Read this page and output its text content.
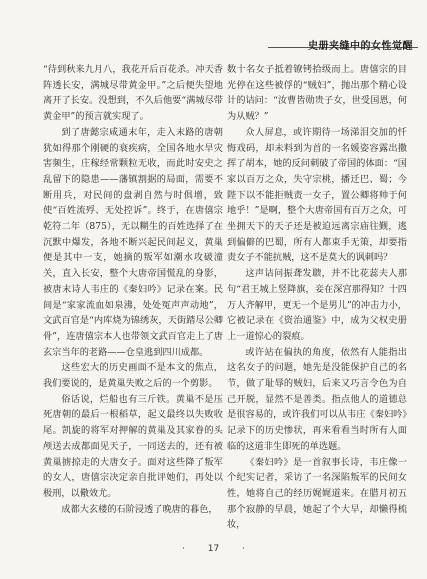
史册夹缝中的女性觉醒

“待到秋来九月八，我花开后百花杀。冲天香阵透长安，满城尽带黄金甲。”之后便失望地离开了长安。没想到，不久后他要“满城尽带黄金甲”的预言就实现了。

到了唐懿宗咸通末年，走入末路的唐朝犹如得那个刚硬的衰疾病，全国各地水旱灾害频生，庄稼经常颗粒无收，而此时安史之乱留下的隐患——藩镇割据的局面，需要不断用兵，对民间的盘剥自然与时俱增，致使“百姓流殍、无处控诉”。终于，在唐僖宗乾符二年（875），无以糊生的百姓选择了在沉默中爆发，各地不断兴起民间起义，黄巢便是其中一支，她摘的叛军如潮水攻破潼关，直入长安，整个大唐帝国慌乱的身影，被唐末诗人韦庄的《秦妇吟》记录在案。民间是“家家流血如泉沸，处处冤声声动地”，文武百官是“内库烧为锦绣灰，天街踏尽公卿骨”，连唐僖宗本人也带领文武百官走上了唐玄宗当年的老路——仓皇逃到四川成都。

这些宏大的历史画面不是本文的焦点，我们要说的，是黄巢失败之后的一个剪影。

俗话说，烂船也有三斤铁。黄巢不是压死唐朝的最后一根稻草，起义最终以失败收尾。凯旋的将军对押解的黄巢及其家眷的头颅送去成都面见天子，一同送去的，还有被黄巢掳掠走的大唐女子。面对这些降了叛军的女人，唐僖宗决定亲自批评她们，再处以极刑，以儆效尤。

成都大玄楼的石阶浸透了晚唐的暮色，

数十名女子抵着镣铐拾级而上。唐僖宗的目光停在这些被俘的“贼妇”，抛出那个精心设计的诘问：“汝曹皆勋贵子女，世受国恩，何为从贼？”

众人屏息，或许期待一场涕泪交加的忏悔戏码，却未料到为首的一名媛姿容露出撒挥了胡本，她的反问刺破了帝国的体面：“国家以百万之众，失守宗桃，播迁巴、蜀；今陛下以不能拒贼责一女子，置公卿将帅于何地乎！”是啊，整个大唐帝国有百万之众，可坐拥天下的天子还是被迫远离宗庙往觐，逃到偏僻的巴蜀，所有人都束手无策，却要指责女子不能抗贼，这不是莫大的讽刺吗？

这声诘问振聋发聩，并不比花蕊夫人那句“君王城上竖降旗，妾在深宫那得知？十四万人齐解甲，更无一个是男儿”的冲击力小，它被记录在《资治通鉴》中，成为父权史册上一道惊心的裂痕。

或许站在偏执的角度，依然有人能指出这名女子的问题，她先是没能保护自己的名节，做了耻辱的贼妇，后来又巧言令色为自己开脱，显然不是善类。指点他人的道德总是很容易的，或许我们可以从韦庄《秦妇吟》记录下的历史惨状，再来看看当时所有人面临的这道非生即死的单选题。

《秦妇吟》是一首叙事长诗，韦庄像一个纪实记者，采访了一名深陷叛军的民间女性，她将自己的经历娓娓道来。在腊月初五那个寂静的早晨，她起了个大早，却懒得梳妆，

·	17	·
